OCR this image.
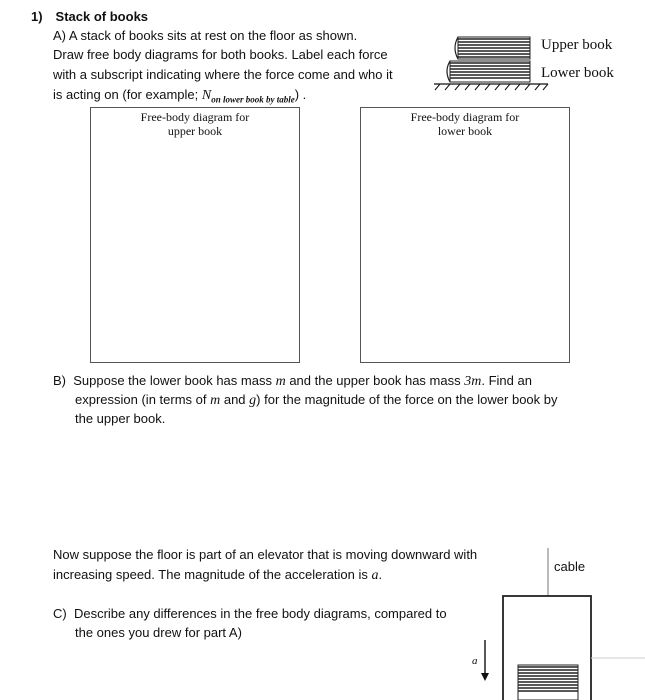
1) Stack of books
A) A stack of books sits at rest on the floor as shown.
Draw free body diagrams for both books. Label each force
with a subscript indicating where the force come and who it
is acting on (for example; $N_{on lower book by table}$) .
Upper book
Lower book
Free-body diagram for
upper book
Free-body diagram for
lower book
B) Suppose the lower book has mass m and the upper book has mass 3m. Find an
expression (in terms of m and g) for the magnitude of the force on the lower book by
the upper book.
Now suppose the floor is part of an elevator that is moving downward with
increasing speed. The magnitude of the acceleration is a.
C) Describe any differences in the free body diagrams, compared to
the ones you drew for part A)
cable
a
